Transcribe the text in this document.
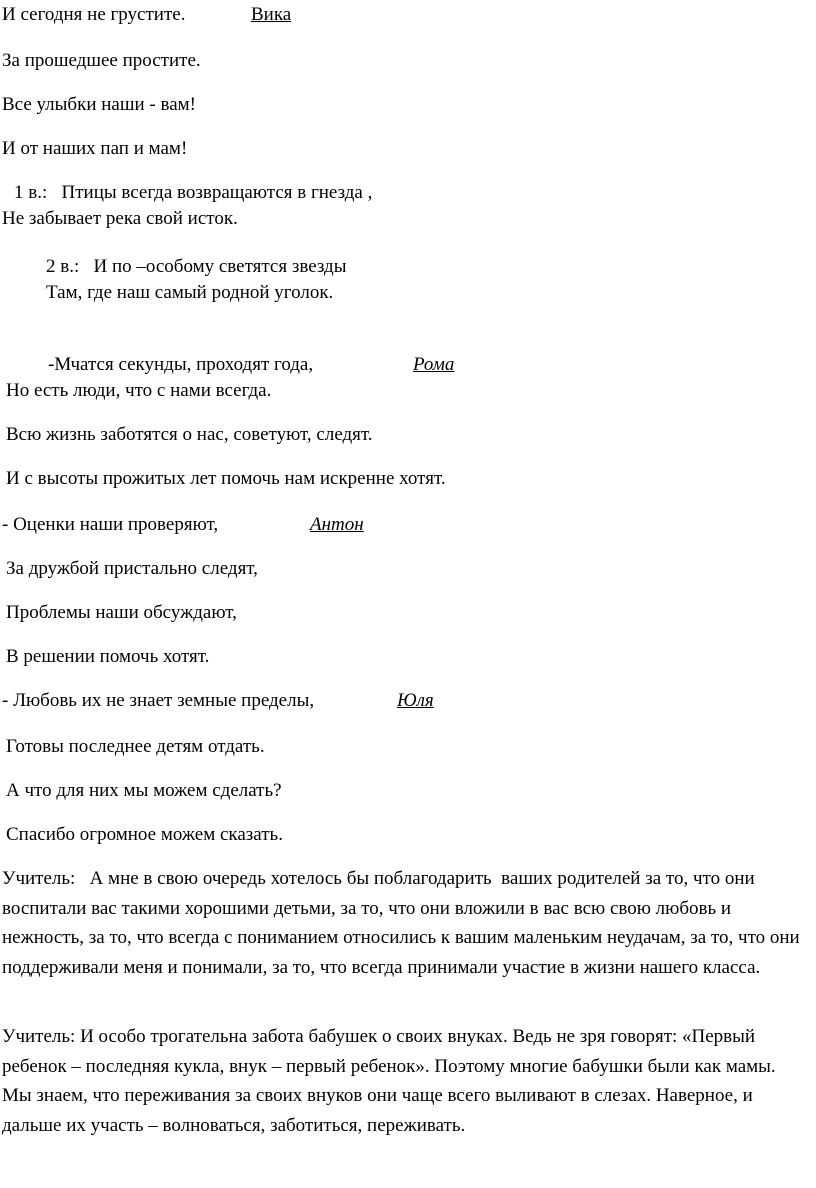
И сегодня не грустите.	Вика
За прошедшее простите.
Все улыбки наши - вам!
И от наших пап и мам!
1 в.:   Птицы всегда возвращаются в гнезда ,
Не забывает река свой исток.
2 в.:   И по –особому светятся звезды
Там, где наш самый родной уголок.
-Мчатся секунды, проходят года,	Рома
Но есть люди, что с нами всегда.
Всю жизнь заботятся о нас, советуют, следят.
И с высоты прожитых лет помочь нам искренне хотят.
- Оценки наши проверяют,	Антон
За дружбой пристально следят,
Проблемы наши обсуждают,
В решении помочь хотят.
- Любовь их не знает земные пределы,	Юля
Готовы последнее детям отдать.
А что для них мы можем сделать?
Спасибо огромное можем сказать.
Учитель:   А мне в свою очередь хотелось бы поблагодарить  ваших родителей за то, что они воспитали вас такими хорошими детьми, за то, что они вложили в вас всю свою любовь и нежность, за то, что всегда с пониманием относились к вашим маленьким неудачам, за то, что они поддерживали меня и понимали, за то, что всегда принимали участие в жизни нашего класса.
Учитель: И особо трогательна забота бабушек о своих внуках. Ведь не зря говорят: «Первый ребенок – последняя кукла, внук – первый ребенок». Поэтому многие бабушки были как мамы. Мы знаем, что переживания за своих внуков они чаще всего выливают в слезах. Наверное, и дальше их участь – волноваться, заботиться, переживать.
